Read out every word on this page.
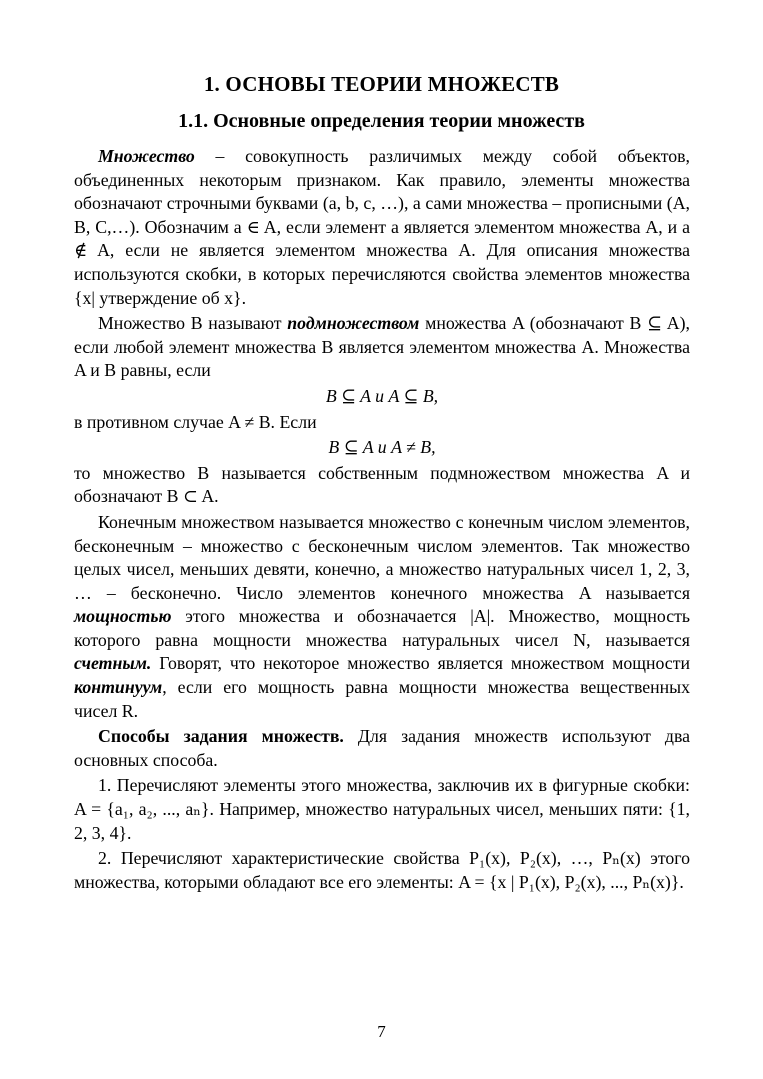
1. ОСНОВЫ ТЕОРИИ МНОЖЕСТВ
1.1. Основные определения теории множеств

Множество – совокупность различимых между собой объектов, объединенных некоторым признаком. Как правило, элементы множества обозначают строчными буквами (a, b, c, …), а сами множества – прописными (A, B, C,…). Обозначим a ∈ A, если элемент a является элементом множества A, и a ∉ A, если не является элементом множества A. Для описания множества используются скобки, в которых перечисляются свойства элементов множества {x| утверждение об x}.

Множество B называют подмножеством множества A (обозначают B ⊆ A), если любой элемент множества B является элементом множества A. Множества A и B равны, если

B ⊆ A и A ⊆ B,

в противном случае A ≠ B. Если

B ⊆ A и A ≠ B,

то множество B называется собственным подмножеством множества A и обозначают B ⊂ A.

Конечным множеством называется множество с конечным числом элементов, бесконечным – множество с бесконечным числом элементов. Так множество целых чисел, меньших девяти, конечно, а множество натуральных чисел 1, 2, 3, … – бесконечно. Число элементов конечного множества A называется мощностью этого множества и обозначается |A|. Множество, мощность которого равна мощности множества натуральных чисел N, называется счетным. Говорят, что некоторое множество является множеством мощности континуум, если его мощность равна мощности множества вещественных чисел R.

Способы задания множеств. Для задания множеств используют два основных способа.

1. Перечисляют элементы этого множества, заключив их в фигурные скобки: A = {a₁, a₂, ..., aₙ}. Например, множество натуральных чисел, меньших пяти: {1, 2, 3, 4}.

2. Перечисляют характеристические свойства P₁(x), P₂(x), …, Pₙ(x) этого множества, которыми обладают все его элементы: A = {x | P₁(x), P₂(x), ..., Pₙ(x)}.

7
